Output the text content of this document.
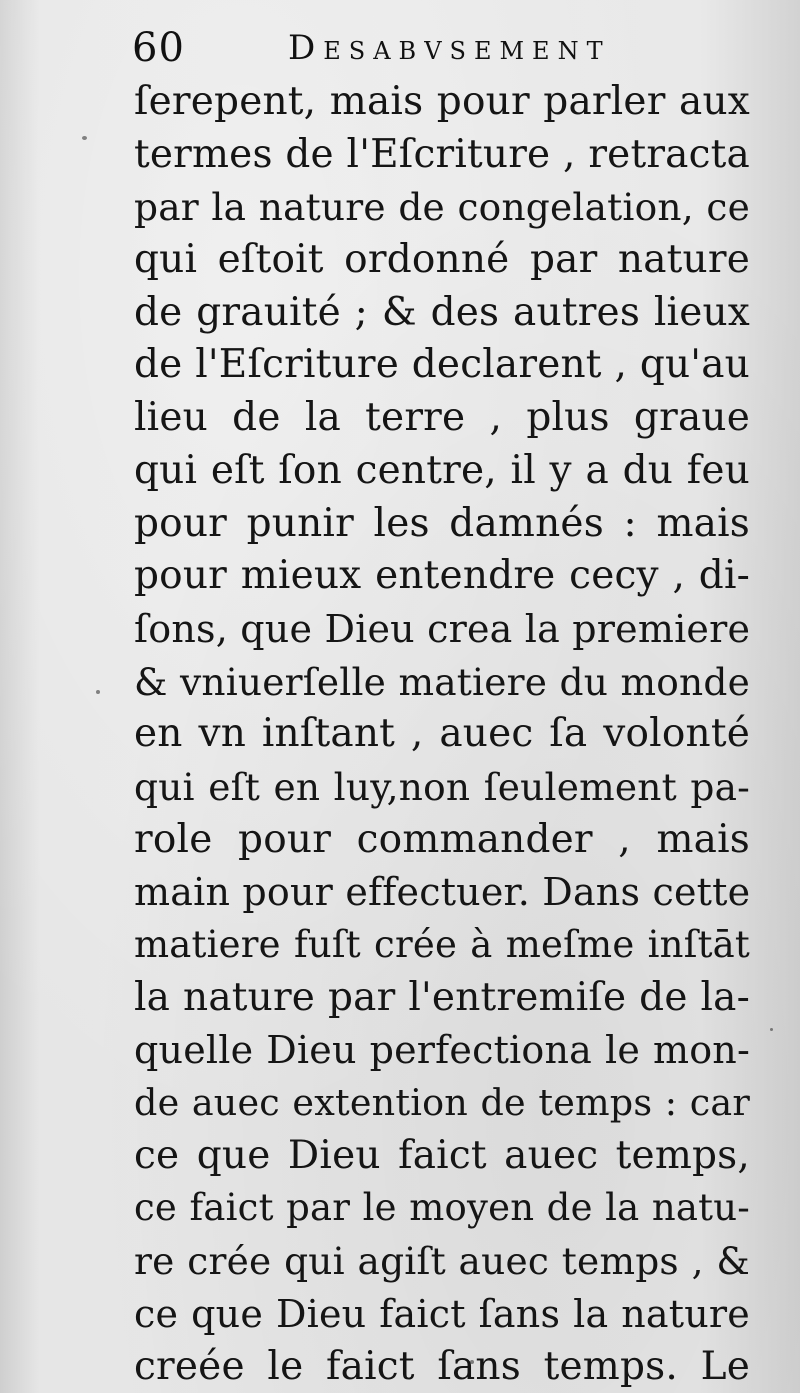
60	Desabvsement
ſerepent, mais pour parler aux
termes de l'Eſcriture , retracta
par la nature de congelation, ce
qui eſtoit ordonné par nature
de grauité ; & des autres lieux
de l'Eſcriture declarent , qu'au
lieu de la terre , plus graue
qui eſt ſon centre, il y a du feu
pour punir les damnés : mais
pour mieux entendre cecy , di-
ſons, que Dieu crea la premiere
& vniuerſelle matiere du monde
en vn inſtant , auec ſa volonté
qui eſt en luy,non ſeulement pa-
role pour commander , mais
main pour effectuer. Dans cette
matiere fuſt crée à meſme inſtāt
la nature par l'entremiſe de la-
quelle Dieu perfectiona le mon-
de auec extention de temps : car
ce que Dieu faict auec temps,
ce faict par le moyen de la natu-
re crée qui agiſt auec temps , &
ce que Dieu faict ſans la nature
creée le faict ſans temps. Le
